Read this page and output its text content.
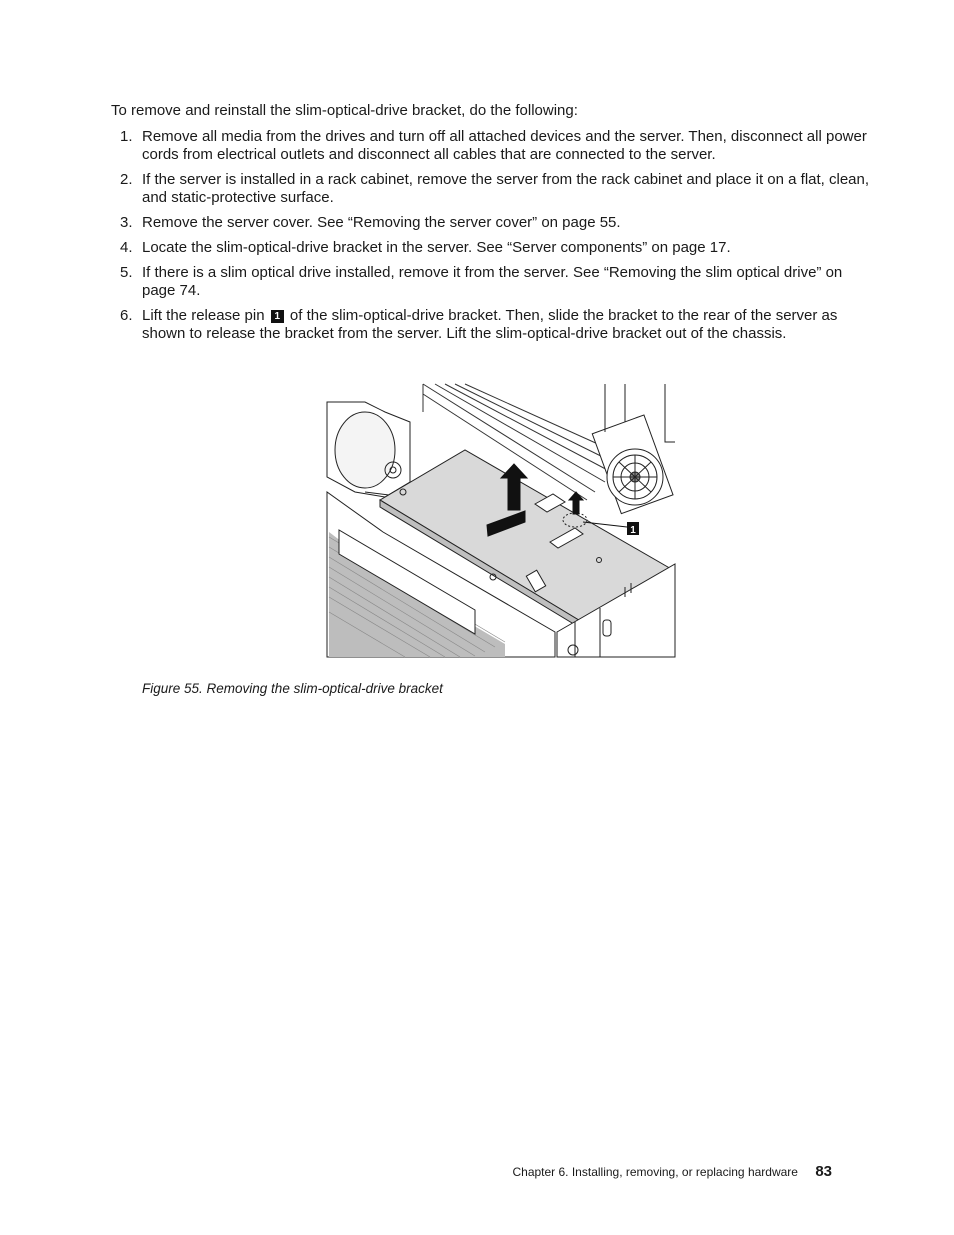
To remove and reinstall the slim-optical-drive bracket, do the following:
1. Remove all media from the drives and turn off all attached devices and the server. Then, disconnect all power cords from electrical outlets and disconnect all cables that are connected to the server.
2. If the server is installed in a rack cabinet, remove the server from the rack cabinet and place it on a flat, clean, and static-protective surface.
3. Remove the server cover. See “Removing the server cover” on page 55.
4. Locate the slim-optical-drive bracket in the server. See “Server components” on page 17.
5. If there is a slim optical drive installed, remove it from the server. See “Removing the slim optical drive” on page 74.
6. Lift the release pin 1 of the slim-optical-drive bracket. Then, slide the bracket to the rear of the server as shown to release the bracket from the server. Lift the slim-optical-drive bracket out of the chassis.
1
Figure 55. Removing the slim-optical-drive bracket
Chapter 6. Installing, removing, or replacing hardware 83
